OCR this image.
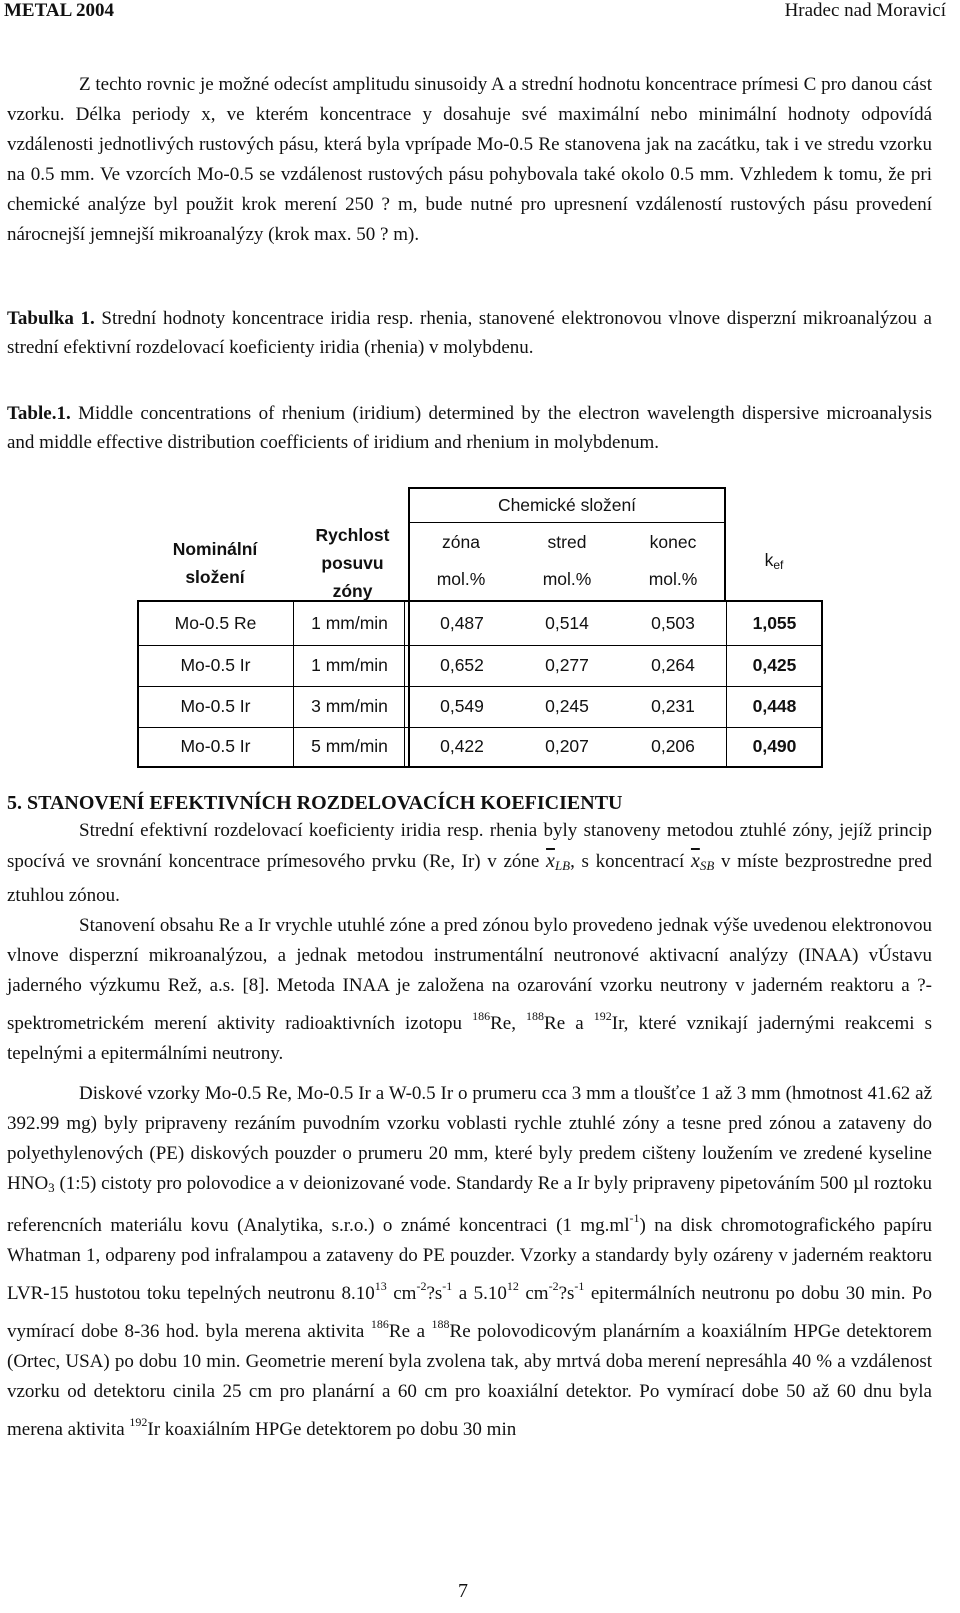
METAL 2004	Hradec nad Moravicí
Z techto rovnic je možné odecíst amplitudu sinusoidy A a strední hodnotu koncentrace prímesi C pro danou cást vzorku. Délka periody x, ve kterém koncentrace y dosahuje své maximální nebo minimální hodnoty odpovídá vzdálenosti jednotlivých rustových pásu, která byla vprípade Mo-0.5 Re stanovena jak na zacátku, tak i ve stredu vzorku na 0.5 mm. Ve vzorcích Mo-0.5 se vzdálenost rustových pásu pohybovala také okolo 0.5 mm. Vzhledem k tomu, že pri chemické analýze byl použit krok merení 250 ? m, bude nutné pro upresnení vzdáleností rustových pásu provedení nárocnejší jemnejší mikroanalýzy (krok max. 50 ? m).
Tabulka 1. Strední hodnoty koncentrace iridia resp. rhenia, stanovené elektronovou vlnove disperzní mikroanalýzou a strední efektivní rozdelovací koeficienty iridia (rhenia) v molybdenu.
Table.1. Middle concentrations of rhenium (iridium) determined by the electron wavelength dispersive microanalysis and middle effective distribution coefficients of iridium and rhenium in molybdenum.
Chemické složení
Nominální složení
Rychlost posuvu zóny
zóna	stred	konec
mol.%	mol.%	mol.%
kef
Mo-0.5 Re	1 mm/min	0,487	0,514	0,503	1,055
Mo-0.5 Ir	1 mm/min	0,652	0,277	0,264	0,425
Mo-0.5 Ir	3 mm/min	0,549	0,245	0,231	0,448
Mo-0.5 Ir	5 mm/min	0,422	0,207	0,206	0,490
5. STANOVENÍ EFEKTIVNÍCH ROZDELOVACÍCH KOEFICIENTU
Strední efektivní rozdelovací koeficienty iridia resp. rhenia byly stanoveny metodou ztuhlé zóny, jejíž princip spocívá ve srovnání koncentrace prímesového prvku (Re, Ir) v zóne $\overline{x}_{LB}$, s koncentrací $\overline{x}_{SB}$ v míste bezprostredne pred ztuhlou zónou.
Stanovení obsahu Re a Ir vrychle utuhlé zóne a pred zónou bylo provedeno jednak výše uvedenou elektronovou vlnove disperzní mikroanalýzou, a jednak metodou instrumentální neutronové aktivacní analýzy (INAA) vÚstavu jaderného výzkumu Rež, a.s. [8]. Metoda INAA je založena na ozarování vzorku neutrony v jaderném reaktoru a ?-spektrometrickém merení aktivity radioaktivních izotopu $^{186}$Re, $^{188}$Re a $^{192}$Ir, které vznikají jadernými reakcemi s tepelnými a epitermálními neutrony.
Diskové vzorky Mo-0.5 Re, Mo-0.5 Ir a W-0.5 Ir o prumeru cca 3 mm a tloušťce 1 až 3 mm (hmotnost 41.62 až 392.99 mg) byly pripraveny rezáním puvodním vzorku voblasti rychle ztuhlé zóny a tesne pred zónou a zataveny do polyethylenových (PE) diskových pouzder o prumeru 20 mm, které byly predem cišteny loužením ve zredené kyseline $HNO_3$ (1:5) cistoty pro polovodice a v deionizované vode. Standardy Re a Ir byly pripraveny pipetováním 500 µl roztoku referencních materiálu kovu (Analytika, s.r.o.) o známé koncentraci (1 $mg.ml^{-1}$) na disk chromotografického papíru Whatman 1, odpareny pod infralampou a zataveny do PE pouzder. Vzorky a standardy byly ozáreny v jaderném reaktoru LVR-15 hustotou toku tepelných neutronu 8.10$^{13}$ $cm^{-2}?s^{-1}$ a 5.10$^{12}$ $cm^{-2}?s^{-1}$ epitermálních neutronu po dobu 30 min. Po vymírací dobe 8-36 hod. byla merena aktivita $^{186}$Re a $^{188}$Re polovodicovým planárním a koaxiálním HPGe detektorem (Ortec, USA) po dobu 10 min. Geometrie merení byla zvolena tak, aby mrtvá doba merení nepresáhla 40 % a vzdálenost vzorku od detektoru cinila 25 cm pro planární a 60 cm pro koaxiální detektor. Po vymírací dobe 50 až 60 dnu byla merena aktivita $^{192}$Ir koaxiálním HPGe detektorem po dobu 30 min
7
